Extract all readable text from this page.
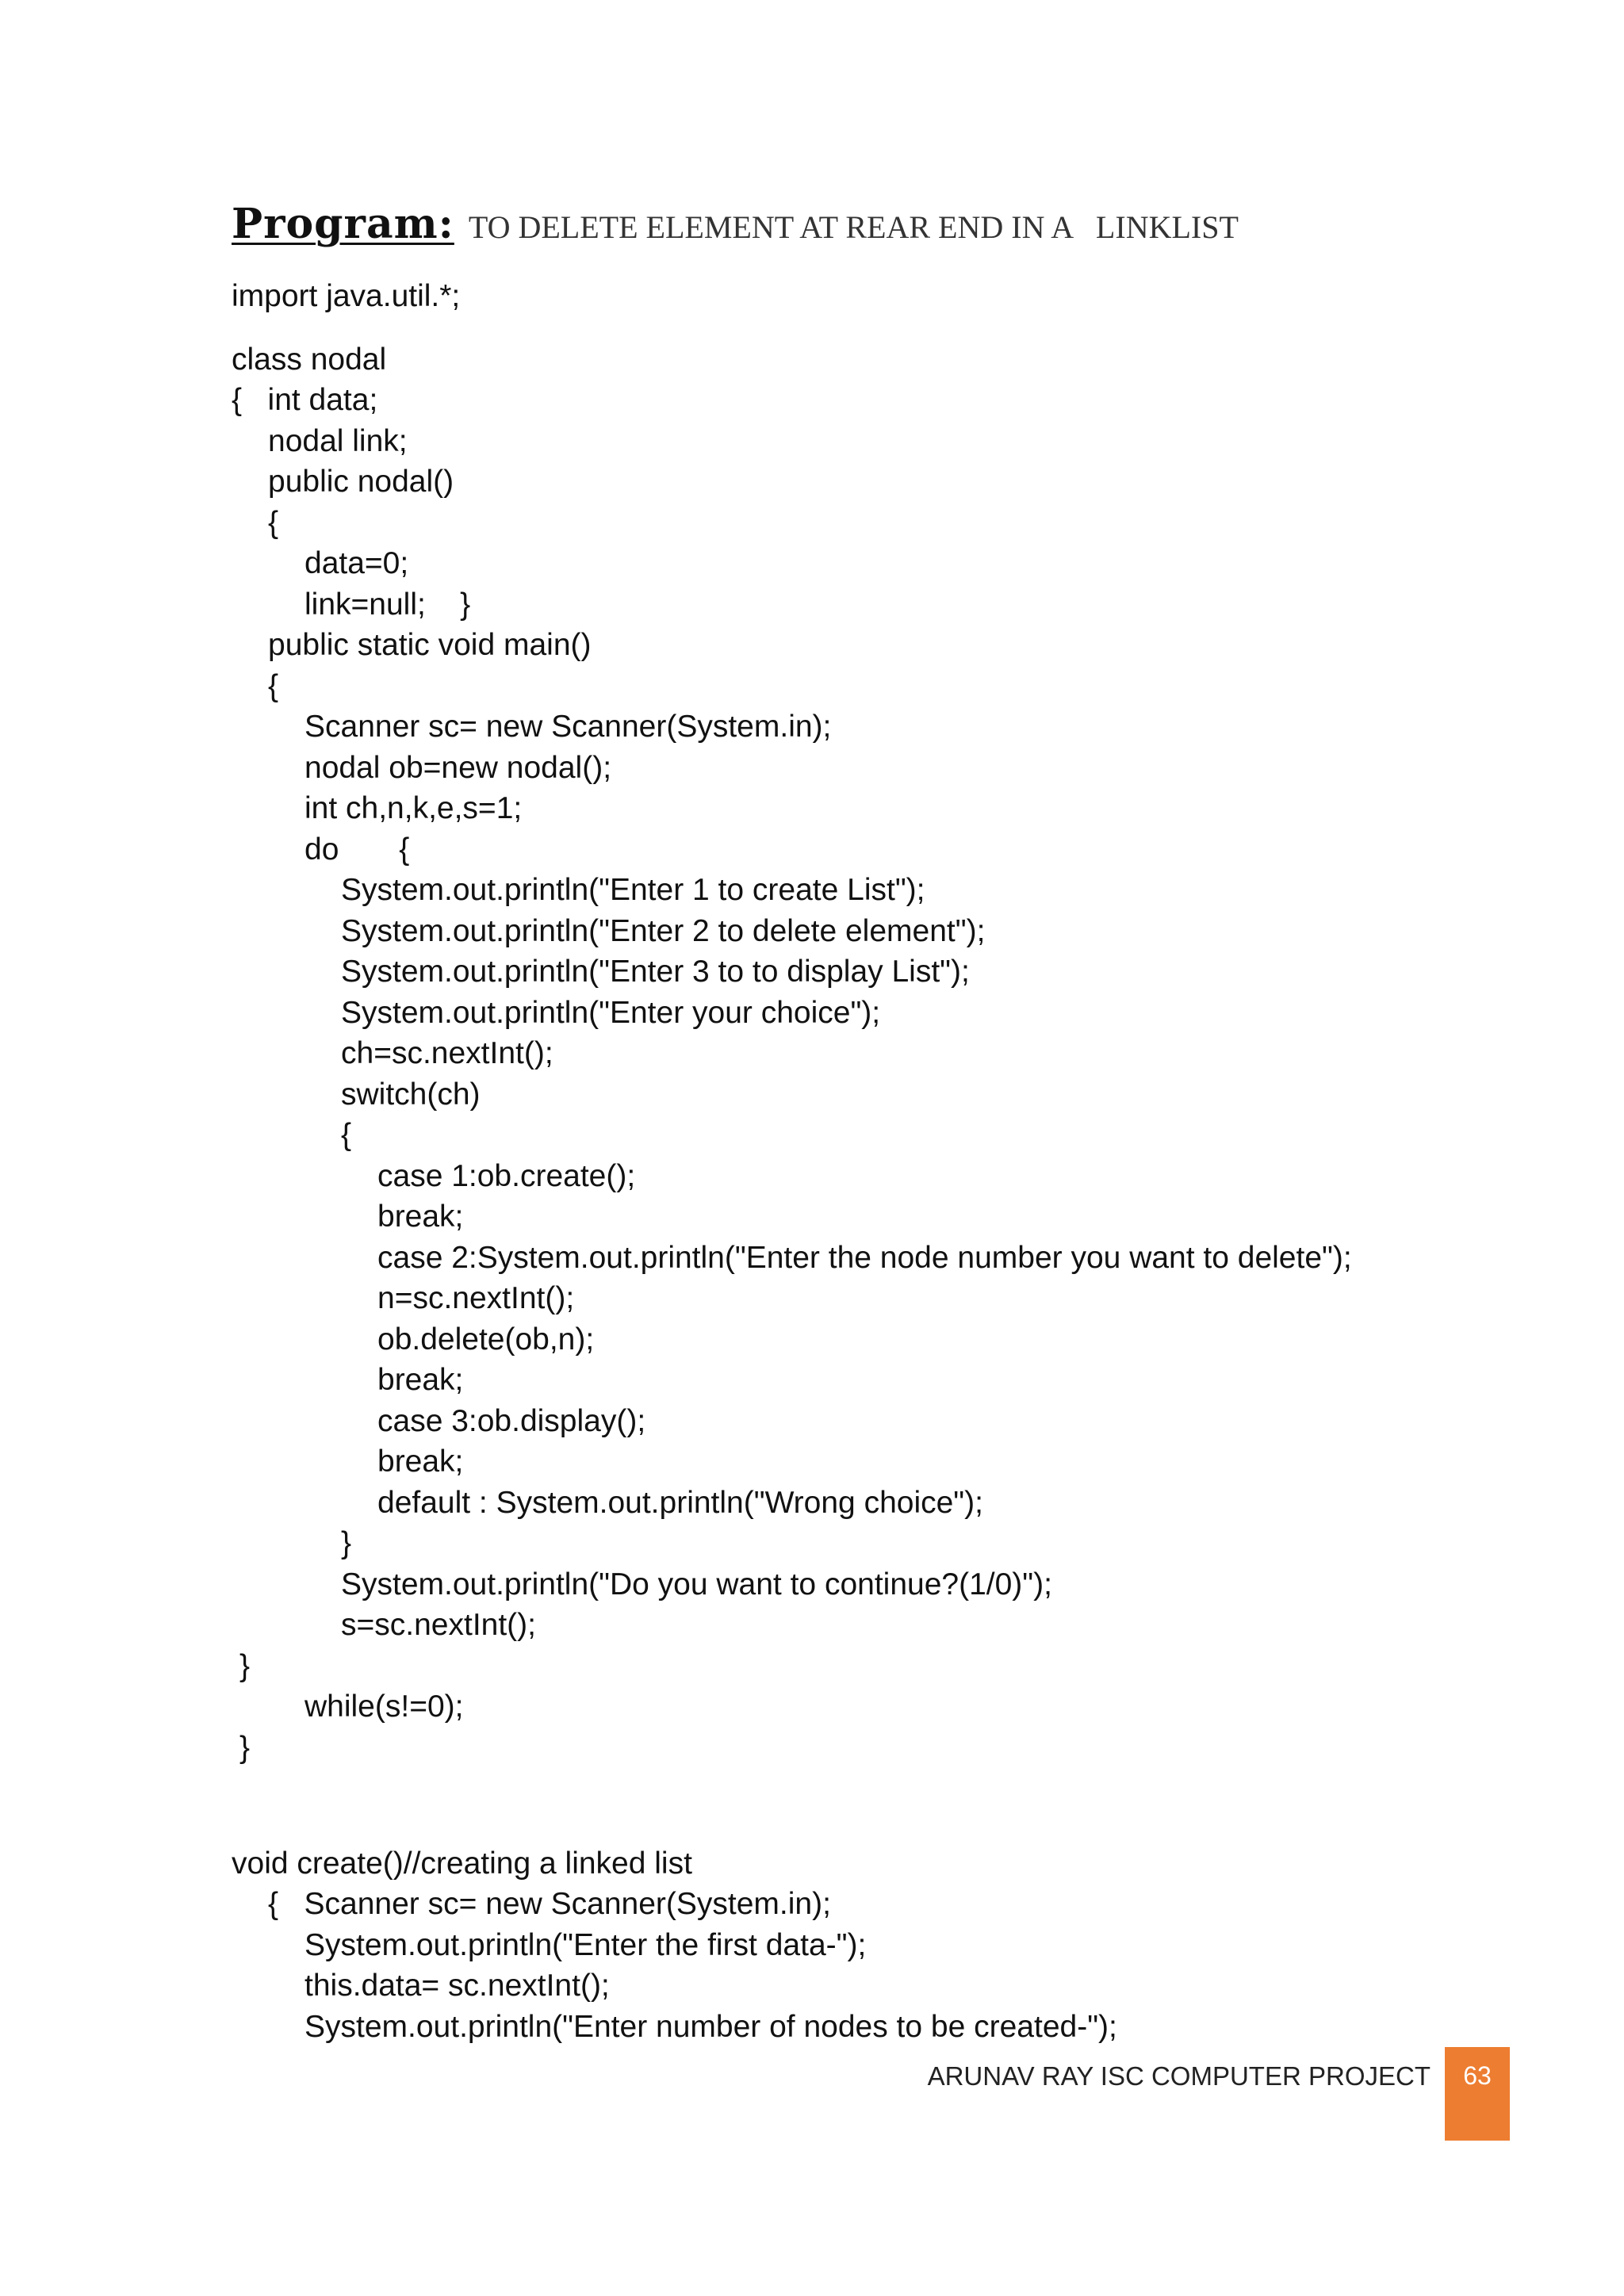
Program: TO DELETE ELEMENT AT REAR END IN A   LINKLIST
import java.util.*;
class nodal
{   int data;
nodal link;
public nodal()
{
data=0;
link=null;    }
public static void main()
{
Scanner sc= new Scanner(System.in);
nodal ob=new nodal();
int ch,n,k,e,s=1;
do       {
System.out.println("Enter 1 to create List");
System.out.println("Enter 2 to delete element");
System.out.println("Enter 3 to to display List");
System.out.println("Enter your choice");
ch=sc.nextInt();
switch(ch)
{
case 1:ob.create();
break;
case 2:System.out.println("Enter the node number you want to delete");
n=sc.nextInt();
ob.delete(ob,n);
break;
case 3:ob.display();
break;
default : System.out.println("Wrong choice");
}
System.out.println("Do you want to continue?(1/0)");
s=sc.nextInt();
}
while(s!=0);
}
void create()//creating a linked list
{   Scanner sc= new Scanner(System.in);
System.out.println("Enter the first data-");
this.data= sc.nextInt();
System.out.println("Enter number of nodes to be created-");
ARUNAV RAY ISC COMPUTER PROJECT	63
